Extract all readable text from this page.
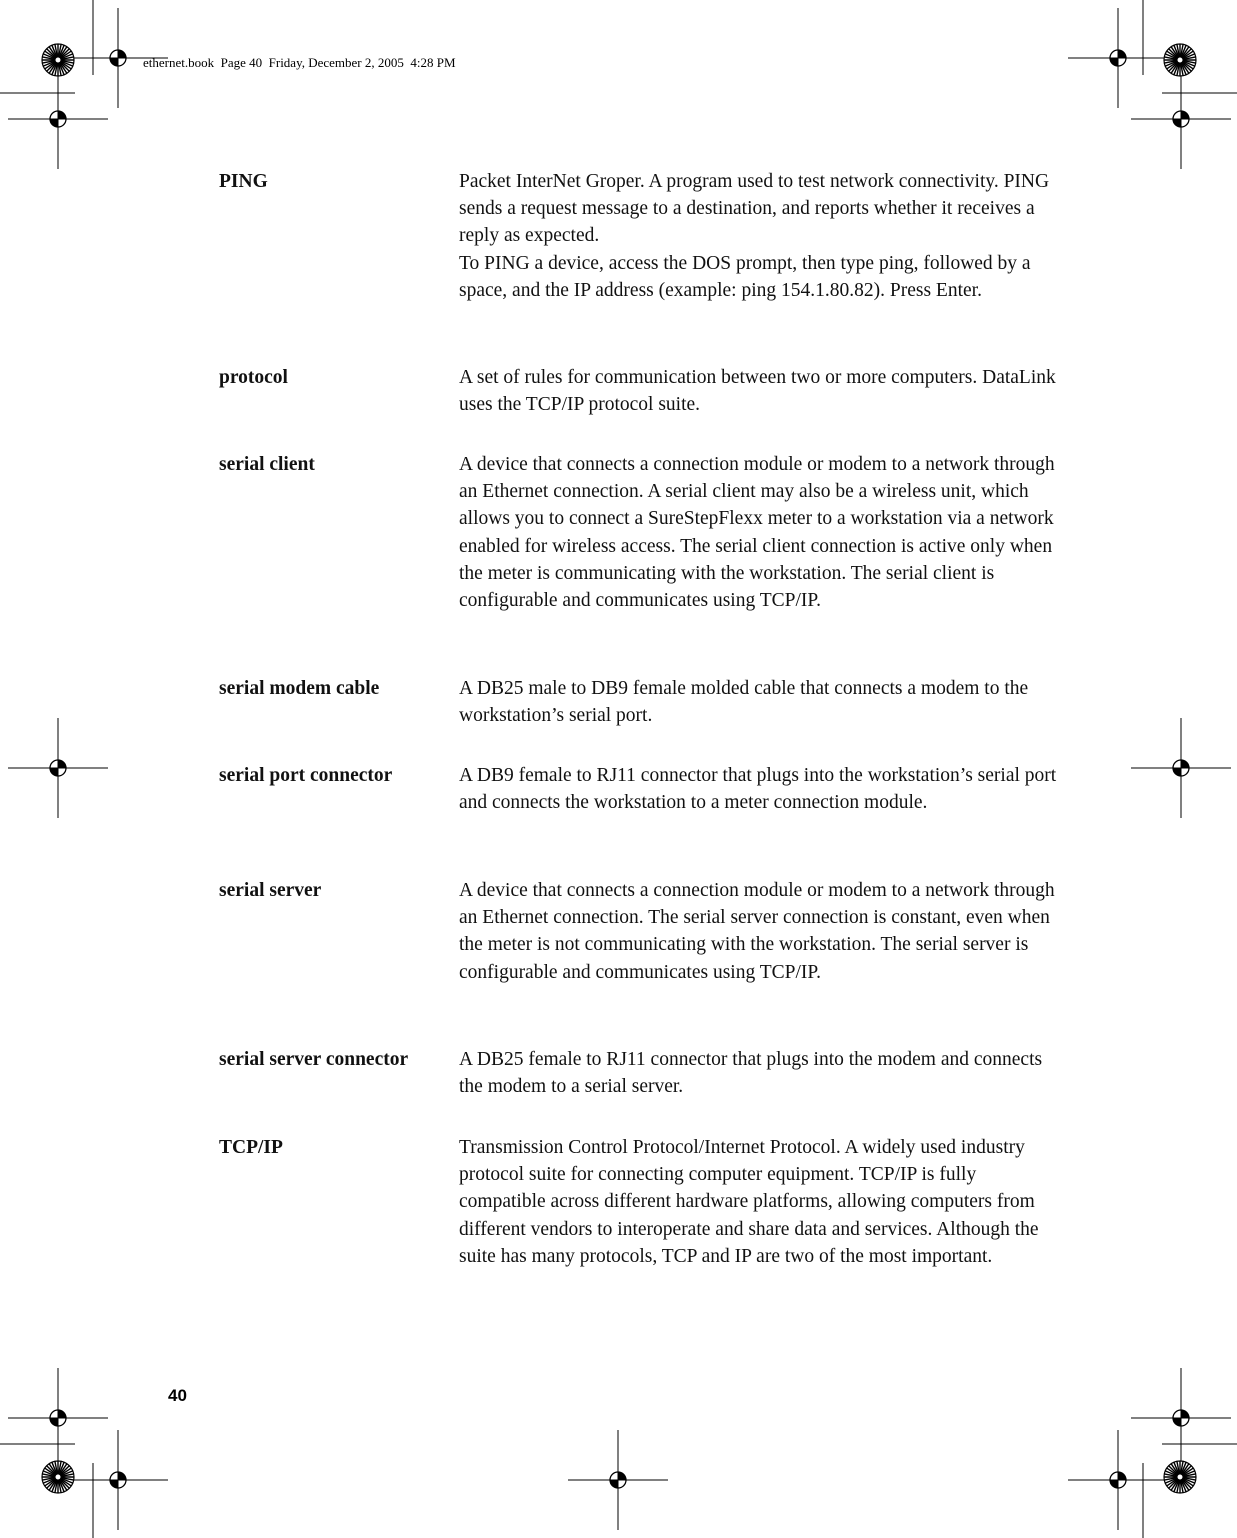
ethernet.book  Page 40  Friday, December 2, 2005  4:28 PM
PING	Packet InterNet Groper. A program used to test network connectivity. PING sends a request message to a destination, and reports whether it receives a reply as expected.

To PING a device, access the DOS prompt, then type ping, followed by a space, and the IP address (example: ping 154.1.80.82). Press Enter.

protocol	A set of rules for communication between two or more computers. DataLink uses the TCP/IP protocol suite.

serial client	A device that connects a connection module or modem to a network through an Ethernet connection. A serial client may also be a wireless unit, which allows you to connect a SureStepFlexx meter to a workstation via a network enabled for wireless access. The serial client connection is active only when the meter is communicating with the workstation. The serial client is configurable and communicates using TCP/IP.

serial modem cable	A DB25 male to DB9 female molded cable that connects a modem to the workstation’s serial port.

serial port connector	A DB9 female to RJ11 connector that plugs into the workstation’s serial port and connects the workstation to a meter connection module.

serial server	A device that connects a connection module or modem to a network through an Ethernet connection. The serial server connection is constant, even when the meter is not communicating with the workstation. The serial server is configurable and communicates using TCP/IP.

serial server connector	A DB25 female to RJ11 connector that plugs into the modem and connects the modem to a serial server.

TCP/IP	Transmission Control Protocol/Internet Protocol. A widely used industry protocol suite for connecting computer equipment. TCP/IP is fully compatible across different hardware platforms, allowing computers from different vendors to interoperate and share data and services. Although the suite has many protocols, TCP and IP are two of the most important.

40
